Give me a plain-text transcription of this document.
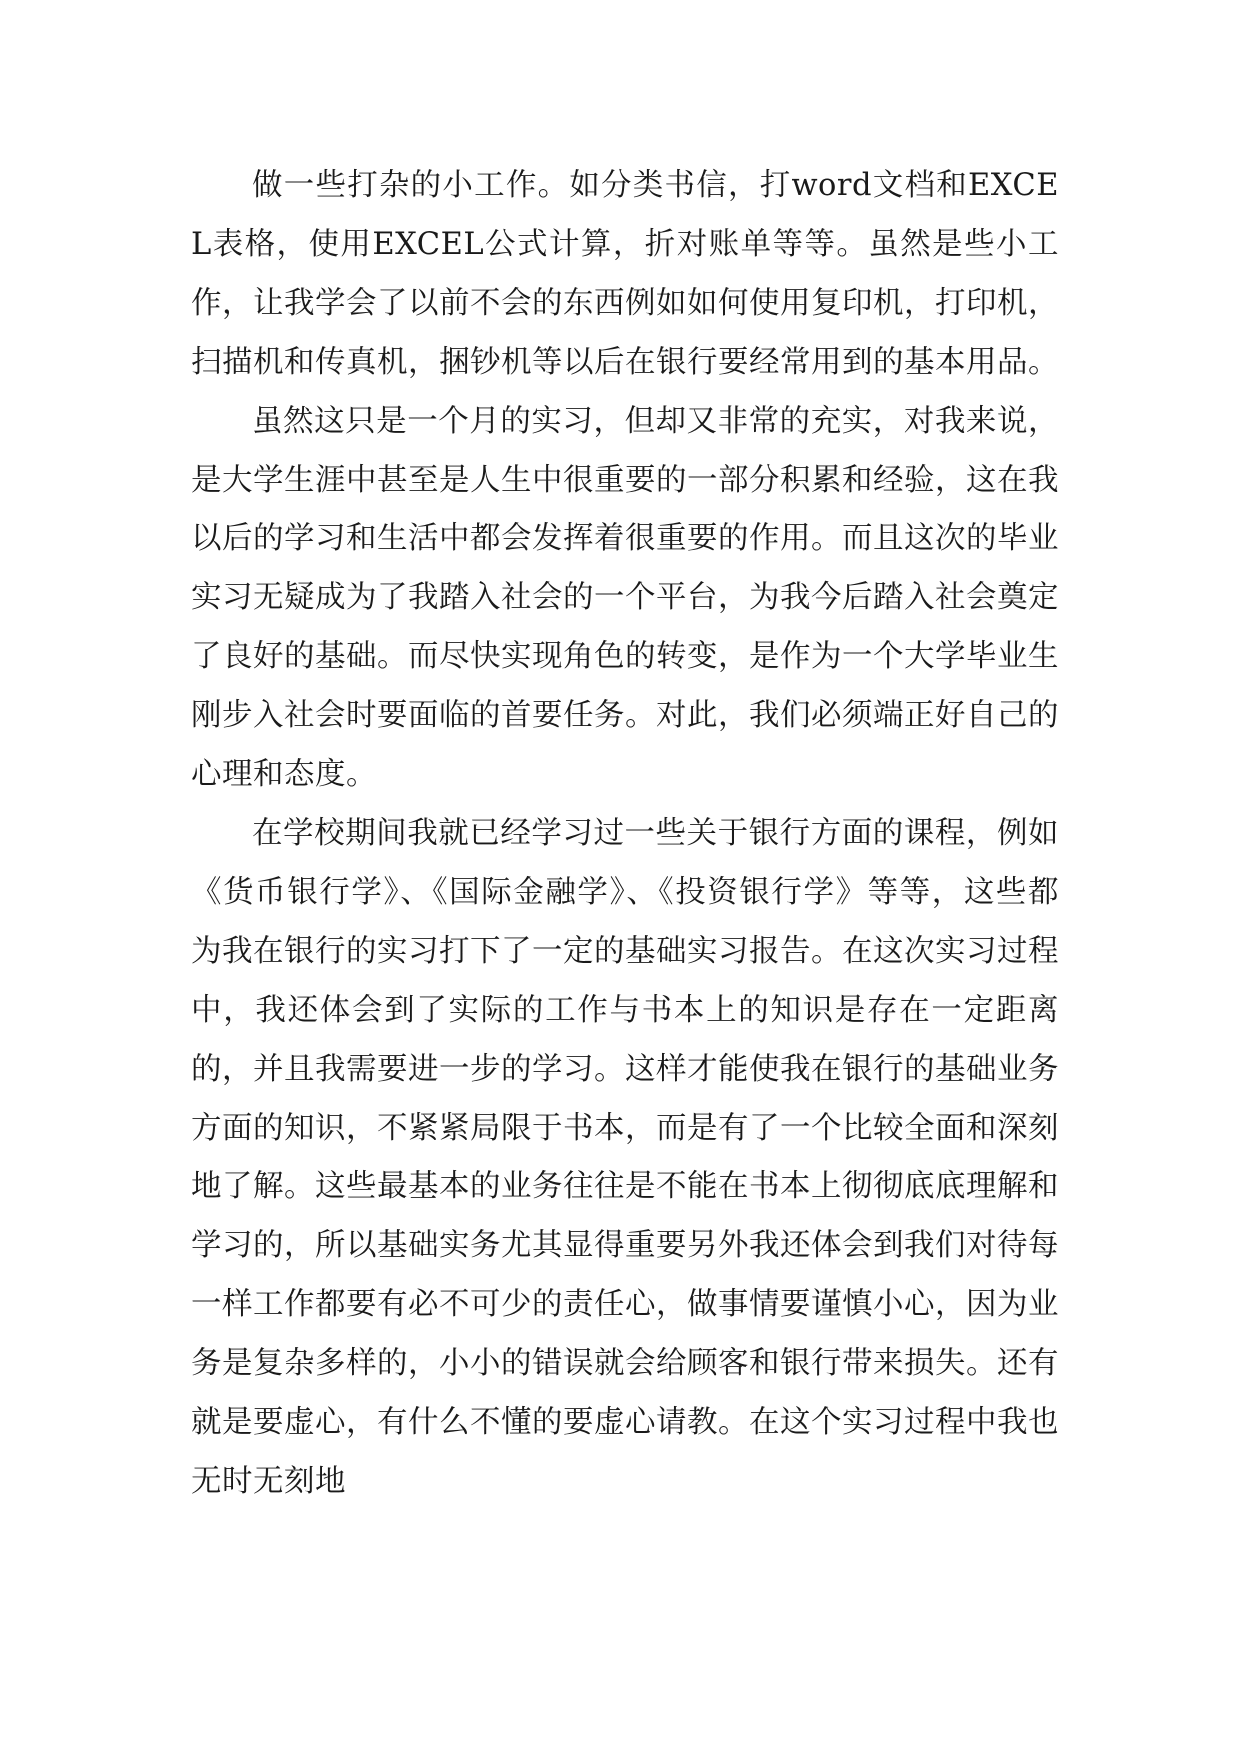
做一些打杂的小工作。如分类书信，打word文档和EXCEL表格，使用EXCEL公式计算，折对账单等等。虽然是些小工作，让我学会了以前不会的东西例如如何使用复印机，打印机，扫描机和传真机，捆钞机等以后在银行要经常用到的基本用品。

虽然这只是一个月的实习，但却又非常的充实，对我来说，是大学生涯中甚至是人生中很重要的一部分积累和经验，这在我以后的学习和生活中都会发挥着很重要的作用。而且这次的毕业实习无疑成为了我踏入社会的一个平台，为我今后踏入社会奠定了良好的基础。而尽快实现角色的转变，是作为一个大学毕业生刚步入社会时要面临的首要任务。对此，我们必须端正好自己的心理和态度。

在学校期间我就已经学习过一些关于银行方面的课程，例如《货币银行学》、《国际金融学》、《投资银行学》等等，这些都为我在银行的实习打下了一定的基础实习报告。在这次实习过程中，我还体会到了实际的工作与书本上的知识是存在一定距离的，并且我需要进一步的学习。这样才能使我在银行的基础业务方面的知识，不紧紧局限于书本，而是有了一个比较全面和深刻地了解。这些最基本的业务往往是不能在书本上彻彻底底理解和学习的，所以基础实务尤其显得重要另外我还体会到我们对待每一样工作都要有必不可少的责任心，做事情要谨慎小心，因为业务是复杂多样的，小小的错误就会给顾客和银行带来损失。还有就是要虚心，有什么不懂的要虚心请教。在这个实习过程中我也无时无刻地
